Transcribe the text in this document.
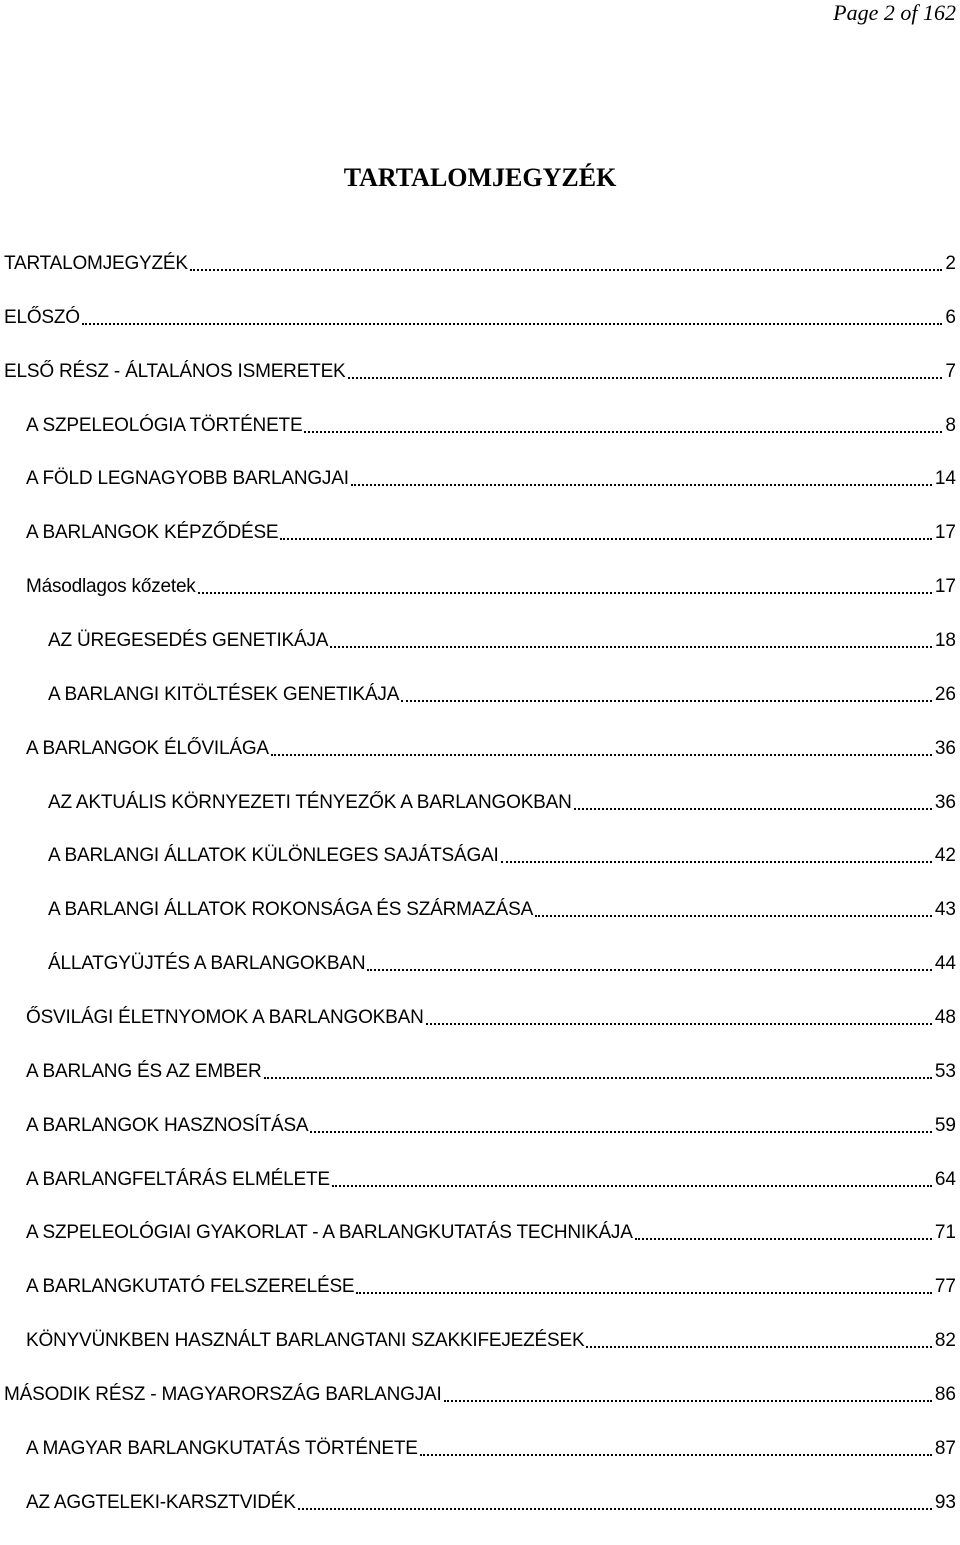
Page 2 of 162
TARTALOMJEGYZÉK
TARTALOMJEGYZÉK	2
ELŐSZÓ	6
ELSŐ RÉSZ - ÁLTALÁNOS ISMERETEK	7
A SZPELEOLÓGIA TÖRTÉNETE	8
A FÖLD LEGNAGYOBB BARLANGJAI	14
A BARLANGOK KÉPZŐDÉSE	17
Másodlagos kőzetek	17
AZ ÜREGESEDÉS GENETIKÁJA	18
A BARLANGI KITÖLTÉSEK GENETIKÁJA	26
A BARLANGOK ÉLŐVILÁGA	36
AZ AKTUÁLIS KÖRNYEZETI TÉNYEZŐK A BARLANGOKBAN	36
A BARLANGI ÁLLATOK KÜLÖNLEGES SAJÁTSÁGAI	42
A BARLANGI ÁLLATOK ROKONSÁGA ÉS SZÁRMAZÁSA	43
ÁLLATGYÜJTÉS A BARLANGOKBAN	44
ŐSVILÁGI ÉLETNYOMOK A BARLANGOKBAN	48
A BARLANG ÉS AZ EMBER	53
A BARLANGOK HASZNOSÍTÁSA	59
A BARLANGFELTÁRÁS ELMÉLETE	64
A SZPELEOLÓGIAI GYAKORLAT - A BARLANGKUTATÁS TECHNIKÁJA	71
A BARLANGKUTATÓ FELSZERELÉSE	77
KÖNYVÜNKBEN HASZNÁLT BARLANGTANI SZAKKIFEJEZÉSEK	82
MÁSODIK RÉSZ - MAGYARORSZÁG BARLANGJAI	86
A MAGYAR BARLANGKUTATÁS TÖRTÉNETE	87
AZ AGGTELEKI-KARSZTVIDÉK	93
